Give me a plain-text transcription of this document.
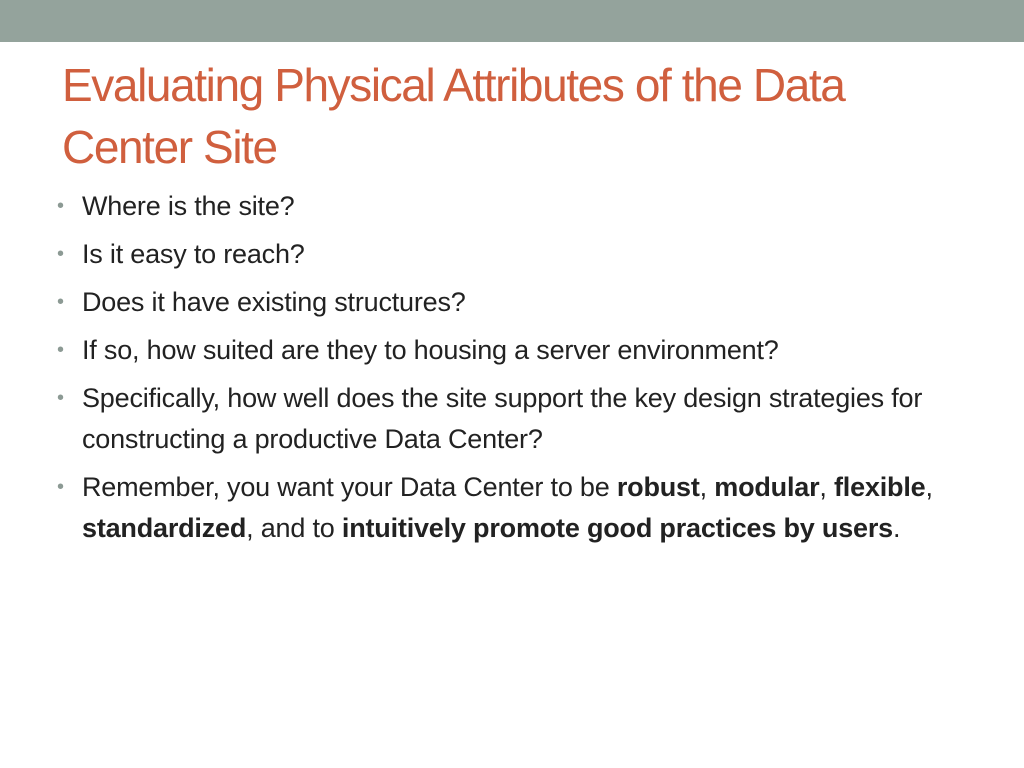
Evaluating Physical Attributes of the Data Center Site
• Where is the site?
• Is it easy to reach?
• Does it have existing structures?
• If so, how suited are they to housing a server environment?
• Specifically, how well does the site support the key design strategies for constructing a productive Data Center?
• Remember, you want your Data Center to be robust, modular, flexible, standardized, and to intuitively promote good practices by users.
